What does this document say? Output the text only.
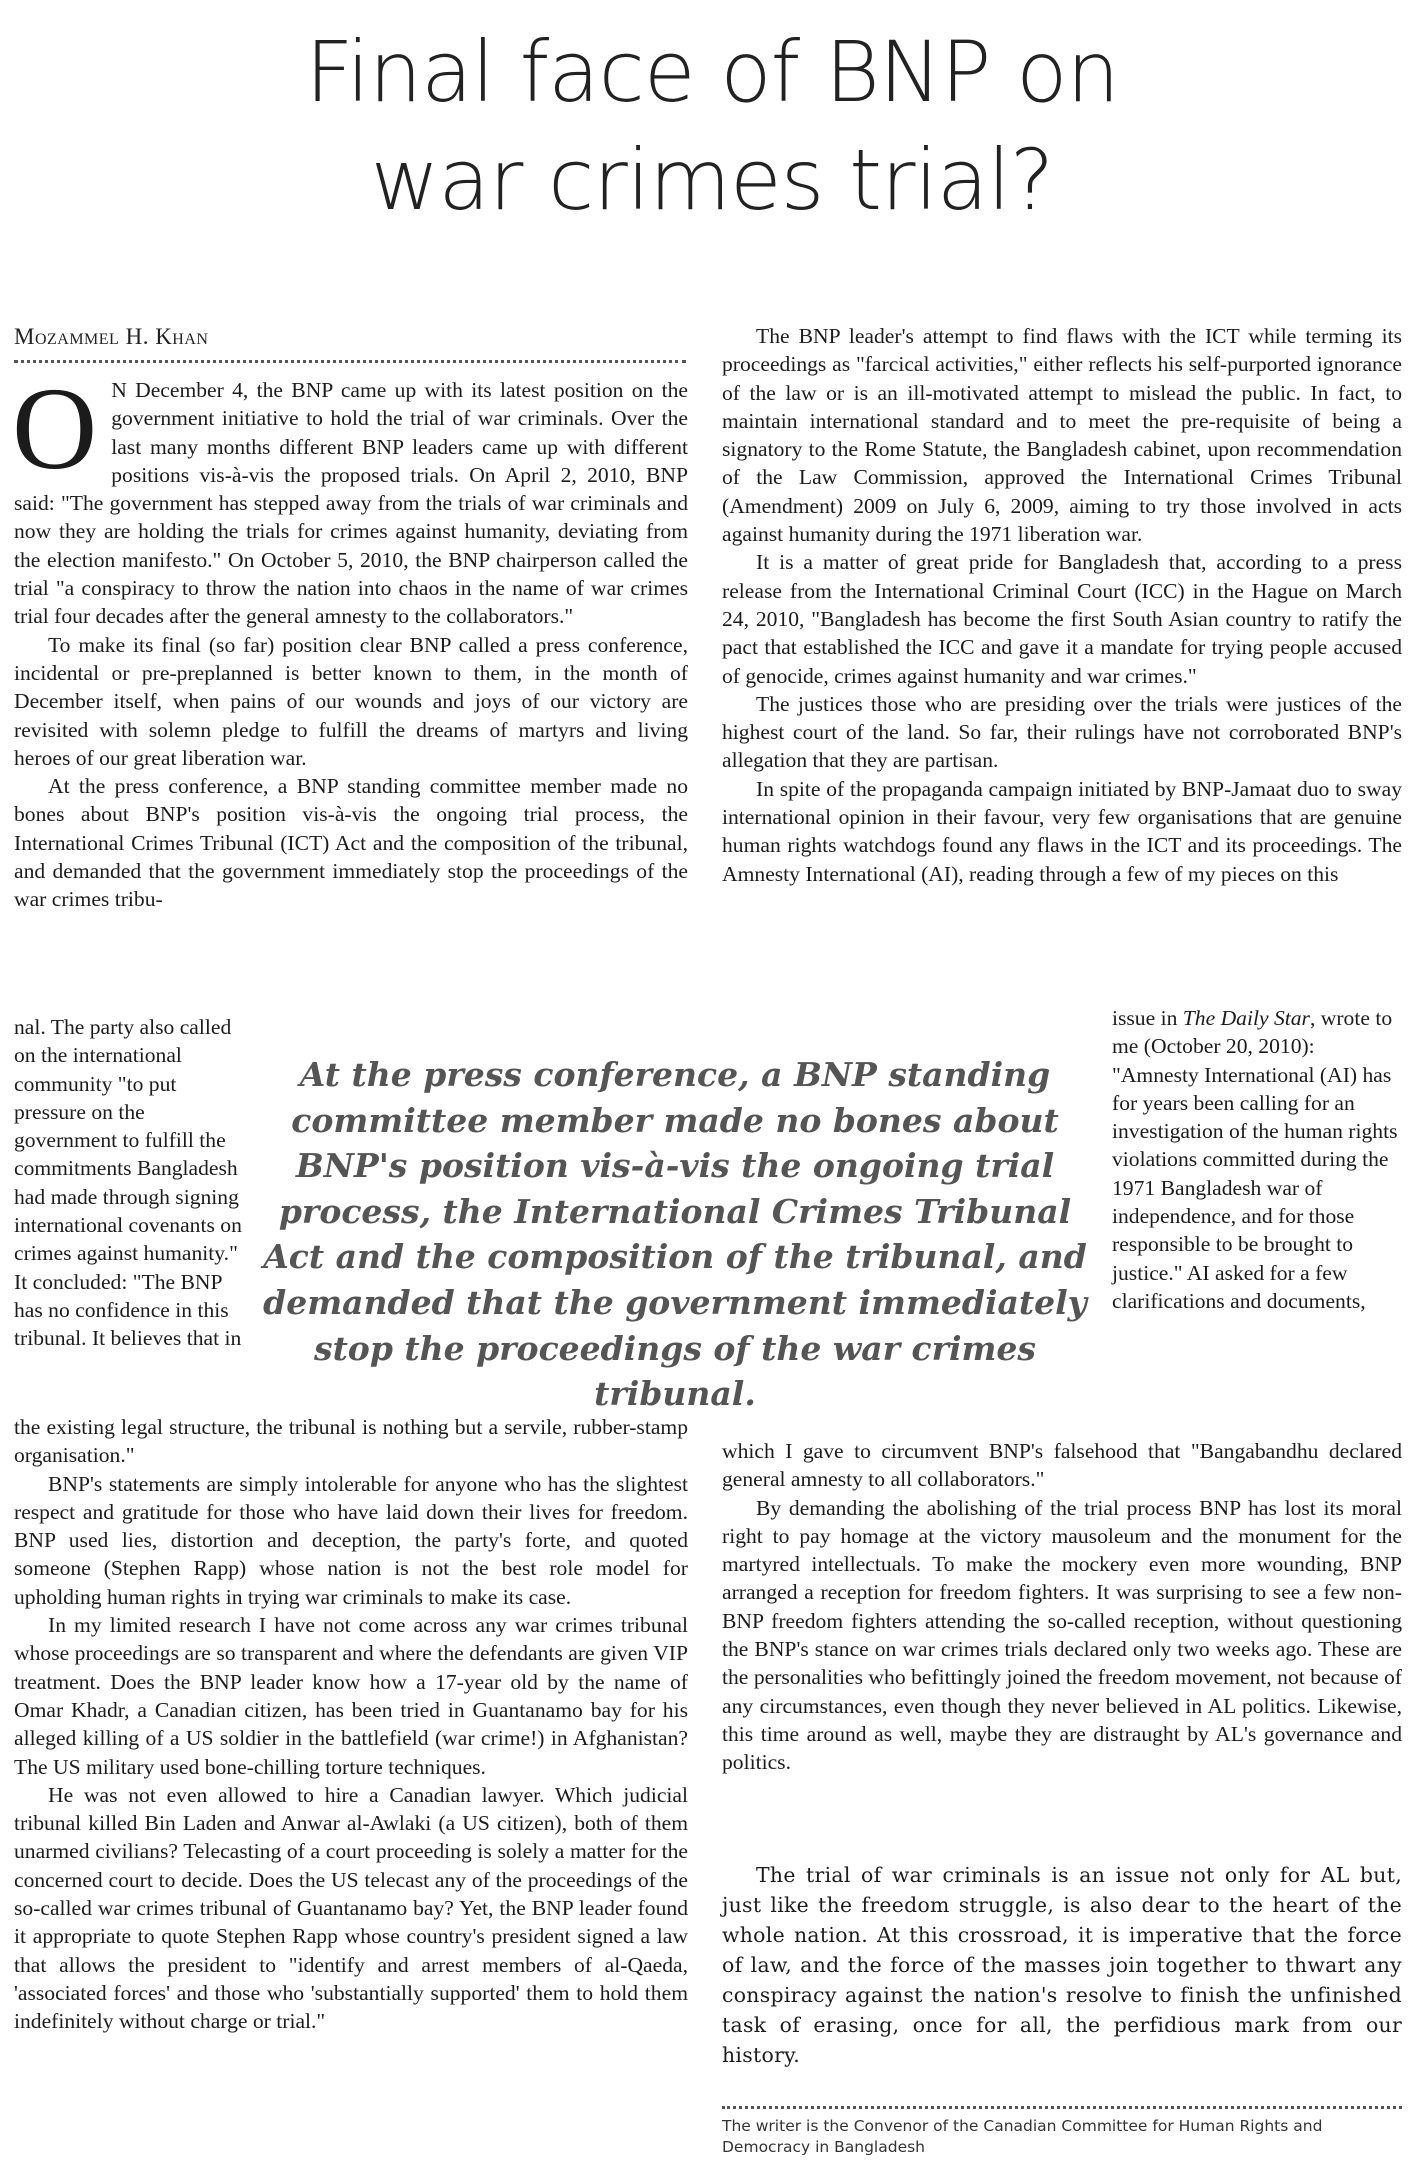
Final face of BNP on
war crimes trial?
Mozammel H. Khan

O N December 4, the BNP came up with its latest position on the government initiative to hold the trial of war criminals. Over the last many months different BNP leaders came up with different positions vis-à-vis the proposed trials. On April 2, 2010, BNP said: "The government has stepped away from the trials of war criminals and now they are holding the trials for crimes against humanity, deviating from the election manifesto." On October 5, 2010, the BNP chairperson called the trial "a conspiracy to throw the nation into chaos in the name of war crimes trial four decades after the general amnesty to the collaborators."

To make its final (so far) position clear BNP called a press conference, incidental or pre-preplanned is better known to them, in the month of December itself, when pains of our wounds and joys of our victory are revisited with solemn pledge to fulfill the dreams of martyrs and living heroes of our great liberation war.

At the press conference, a BNP standing committee member made no bones about BNP's position vis-à-vis the ongoing trial process, the International Crimes Tribunal (ICT) Act and the composition of the tribunal, and demanded that the government immediately stop the proceedings of the war crimes tribu-

nal. The party also called on the international community "to put pressure on the government to fulfill the commitments Bangladesh had made through signing international covenants on crimes against humanity." It concluded: "The BNP has no confidence in this tribunal. It believes that in

At the press conference, a BNP standing committee member made no bones about BNP's position vis-à-vis the ongoing trial process, the International Crimes Tribunal Act and the composition of the tribunal, and demanded that the government immediately stop the proceedings of the war crimes tribunal.

the existing legal structure, the tribunal is nothing but a servile, rubber-stamp organisation."

BNP's statements are simply intolerable for anyone who has the slightest respect and gratitude for those who have laid down their lives for freedom. BNP used lies, distortion and deception, the party's forte, and quoted someone (Stephen Rapp) whose nation is not the best role model for upholding human rights in trying war criminals to make its case.

In my limited research I have not come across any war crimes tribunal whose proceedings are so transparent and where the defendants are given VIP treatment. Does the BNP leader know how a 17-year old by the name of Omar Khadr, a Canadian citizen, has been tried in Guantanamo bay for his alleged killing of a US soldier in the battlefield (war crime!) in Afghanistan? The US military used bone-chilling torture techniques.

He was not even allowed to hire a Canadian lawyer. Which judicial tribunal killed Bin Laden and Anwar al-Awlaki (a US citizen), both of them unarmed civilians? Telecasting of a court proceeding is solely a matter for the concerned court to decide. Does the US telecast any of the proceedings of the so-called war crimes tribunal of Guantanamo bay? Yet, the BNP leader found it appropriate to quote Stephen Rapp whose country's president signed a law that allows the president to "identify and arrest members of al-Qaeda, 'associated forces' and those who 'substantially supported' them to hold them indefinitely without charge or trial."

The BNP leader's attempt to find flaws with the ICT while terming its proceedings as "farcical activities," either reflects his self-purported ignorance of the law or is an ill-motivated attempt to mislead the public. In fact, to maintain international standard and to meet the pre-requisite of being a signatory to the Rome Statute, the Bangladesh cabinet, upon recommendation of the Law Commission, approved the International Crimes Tribunal (Amendment) 2009 on July 6, 2009, aiming to try those involved in acts against humanity during the 1971 liberation war.

It is a matter of great pride for Bangladesh that, according to a press release from the International Criminal Court (ICC) in the Hague on March 24, 2010, "Bangladesh has become the first South Asian country to ratify the pact that established the ICC and gave it a mandate for trying people accused of genocide, crimes against humanity and war crimes."

The justices those who are presiding over the trials were justices of the highest court of the land. So far, their rulings have not corroborated BNP's allegation that they are partisan.

In spite of the propaganda campaign initiated by BNP-Jamaat duo to sway international opinion in their favour, very few organisations that are genuine human rights watchdogs found any flaws in the ICT and its proceedings. The Amnesty International (AI), reading through a few of my pieces on this

issue in The Daily Star, wrote to me (October 20, 2010): "Amnesty International (AI) has for years been calling for an investigation of the human rights violations committed during the 1971 Bangladesh war of independence, and for those responsible to be brought to justice." AI asked for a few clarifications and documents,

which I gave to circumvent BNP's falsehood that "Bangabandhu declared general amnesty to all collaborators."

By demanding the abolishing of the trial process BNP has lost its moral right to pay homage at the victory mausoleum and the monument for the martyred intellectuals. To make the mockery even more wounding, BNP arranged a reception for freedom fighters. It was surprising to see a few non-BNP freedom fighters attending the so-called reception, without questioning the BNP's stance on war crimes trials declared only two weeks ago. These are the personalities who befittingly joined the freedom movement, not because of any circumstances, even though they never believed in AL politics. Likewise, this time around as well, maybe they are distraught by AL's governance and politics.

The trial of war criminals is an issue not only for AL but, just like the freedom struggle, is also dear to the heart of the whole nation. At this crossroad, it is imperative that the force of law, and the force of the masses join together to thwart any conspiracy against the nation's resolve to finish the unfinished task of erasing, once for all, the perfidious mark from our history.

The writer is the Convenor of the Canadian Committee for Human Rights and Democracy in Bangladesh
